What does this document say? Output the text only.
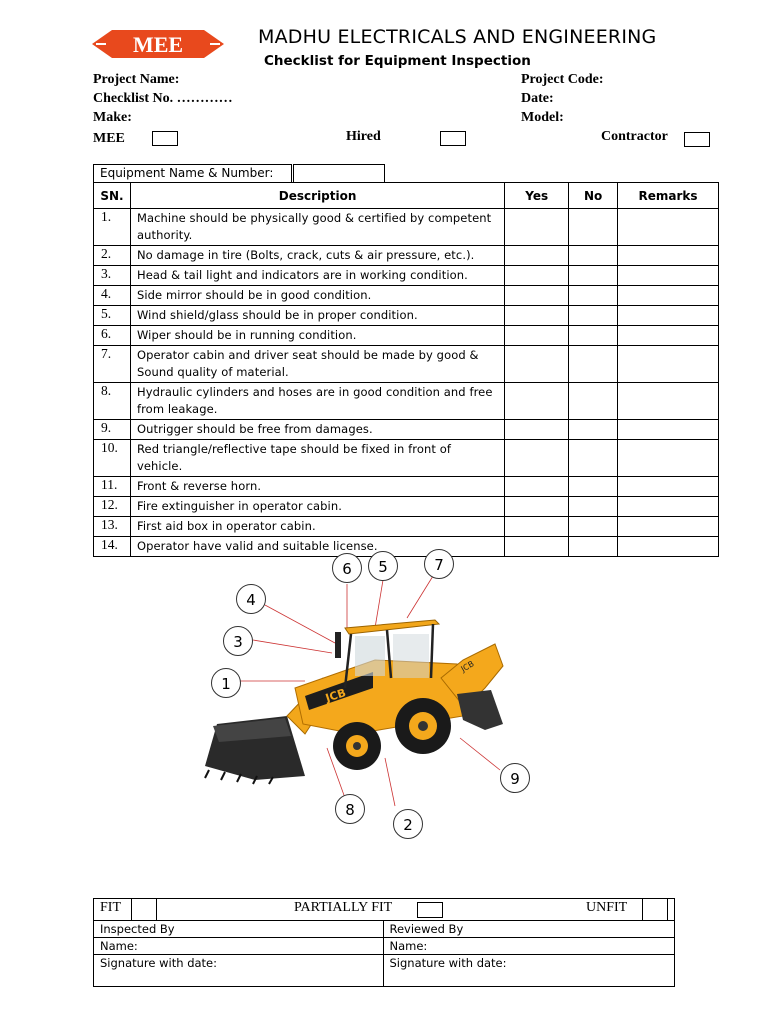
MEE	MADHU ELECTRICALS AND ENGINEERING
Checklist for Equipment Inspection
Project Name:	Project Code:
Checklist No. …………	Date:
Make:	Model:
MEE	Hired	Contractor
Equipment Name & Number:
SN.	Description	Yes	No	Remarks
1.	Machine should be physically good & certified by competent authority.			
2.	No damage in tire (Bolts, crack, cuts & air pressure, etc.).			
3.	Head & tail light and indicators are in working condition.			
4.	Side mirror should be in good condition.			
5.	Wind shield/glass should be in proper condition.			
6.	Wiper should be in running condition.			
7.	Operator cabin and driver seat should be made by good & Sound quality of material.			
8.	Hydraulic cylinders and hoses are in good condition and free from leakage.			
9.	Outrigger should be free from damages.			
10.	Red triangle/reflective tape should be fixed in front of vehicle.			
11.	Front & reverse horn.			
12.	Fire extinguisher in operator cabin.			
13.	First aid box in operator cabin.			
14.	Operator have valid and suitable license.			
JCB
JCB
1
2
3
4
5
6	7
8
9
FIT PARTIALLY FIT UNFIT	

Inspected By	Reviewed By
Name:	Name:
Signature with date:	Signature with date:
